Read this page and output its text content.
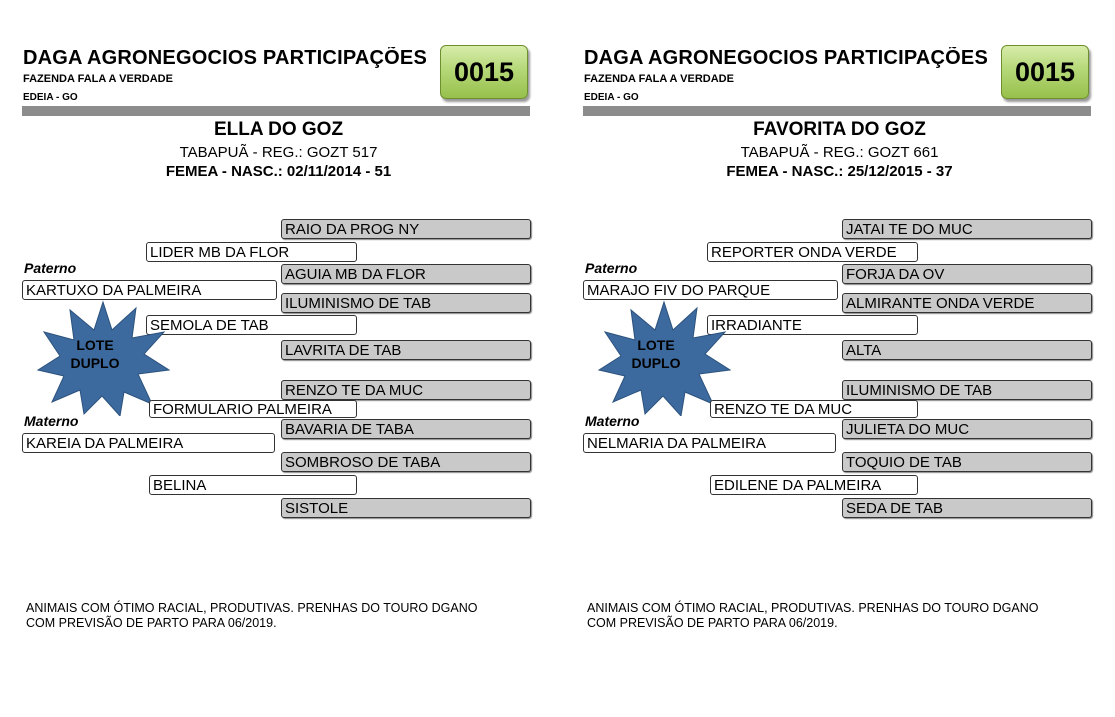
DAGA AGRONEGOCIOS PARTICIPAÇÕES
FAZENDA FALA A VERDADE
EDEIA - GO
0015
ELLA DO GOZ
TABAPUÃ - REG.: GOZT 517
FEMEA - NASC.: 02/11/2014 - 51
RAIO DA PROG NY
LIDER MB DA FLOR
Paterno	AGUIA MB DA FLOR
KARTUXO DA PALMEIRA
ILUMINISMO DE TAB
SEMOLA DE TAB
LAVRITA DE TAB
LOTE
DUPLO
RENZO TE DA MUC
FORMULARIO PALMEIRA
Materno	BAVARIA DE TABA
KAREIA DA PALMEIRA
SOMBROSO DE TABA
BELINA
SISTOLE
ANIMAIS COM ÓTIMO RACIAL, PRODUTIVAS. PRENHAS DO TOURO DGANO
COM PREVISÃO DE PARTO PARA 06/2019.
DAGA AGRONEGOCIOS PARTICIPAÇÕES
FAZENDA FALA A VERDADE
EDEIA - GO
0015
FAVORITA DO GOZ
TABAPUÃ - REG.: GOZT 661
FEMEA - NASC.: 25/12/2015 - 37
JATAI TE DO MUC
REPORTER ONDA VERDE
Paterno	FORJA DA OV
MARAJO FIV DO PARQUE
ALMIRANTE ONDA VERDE
IRRADIANTE
ALTA
LOTE
DUPLO
ILUMINISMO DE TAB
RENZO TE DA MUC
Materno	JULIETA DO MUC
NELMARIA DA PALMEIRA
TOQUIO DE TAB
EDILENE DA PALMEIRA
SEDA DE TAB
ANIMAIS COM ÓTIMO RACIAL, PRODUTIVAS. PRENHAS DO TOURO DGANO
COM PREVISÃO DE PARTO PARA 06/2019.
